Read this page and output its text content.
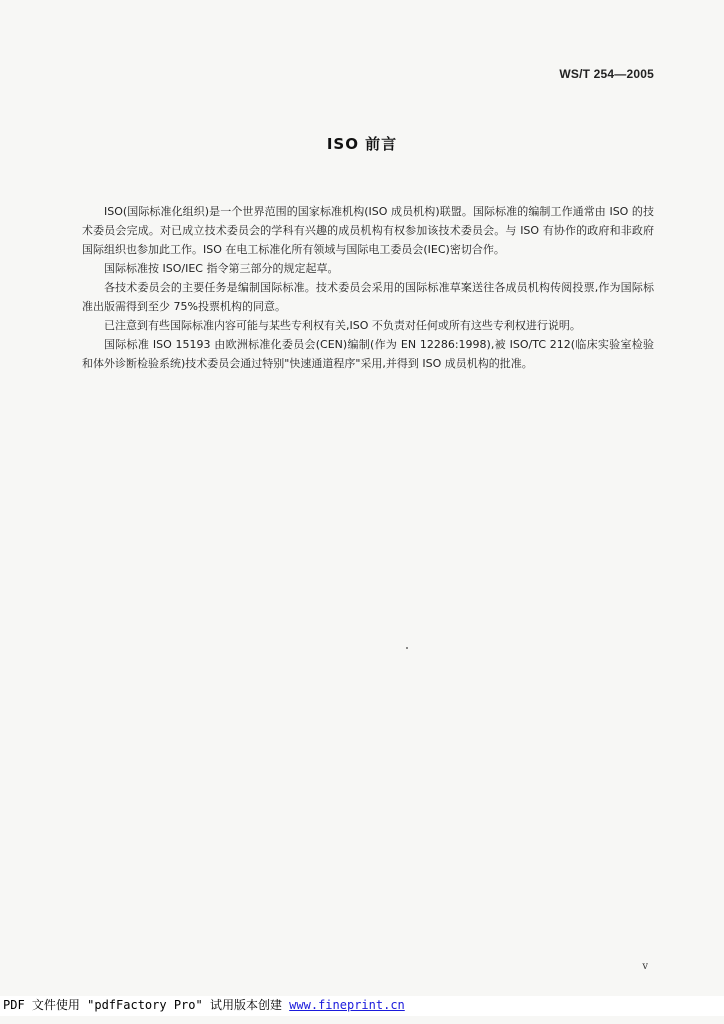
WS/T 254—2005
ISO 前言

ISO(国际标准化组织)是一个世界范围的国家标准机构(ISO 成员机构)联盟。国际标准的编制工作通常由 ISO 的技术委员会完成。对已成立技术委员会的学科有兴趣的成员机构有权参加该技术委员会。与 ISO 有协作的政府和非政府国际组织也参加此工作。ISO 在电工标准化所有领域与国际电工委员会(IEC)密切合作。

国际标准按 ISO/IEC 指令第三部分的规定起草。

各技术委员会的主要任务是编制国际标准。技术委员会采用的国际标准草案送往各成员机构传阅投票,作为国际标准出版需得到至少 75%投票机构的同意。

已注意到有些国际标准内容可能与某些专利权有关,ISO 不负责对任何或所有这些专利权进行说明。

国际标准 ISO 15193 由欧洲标准化委员会(CEN)编制(作为 EN 12286:1998),被 ISO/TC 212(临床实验室检验和体外诊断检验系统)技术委员会通过特别"快速通道程序"采用,并得到 ISO 成员机构的批准。

v
PDF 文件使用 "pdfFactory Pro" 试用版本创建 www.fineprint.cn
